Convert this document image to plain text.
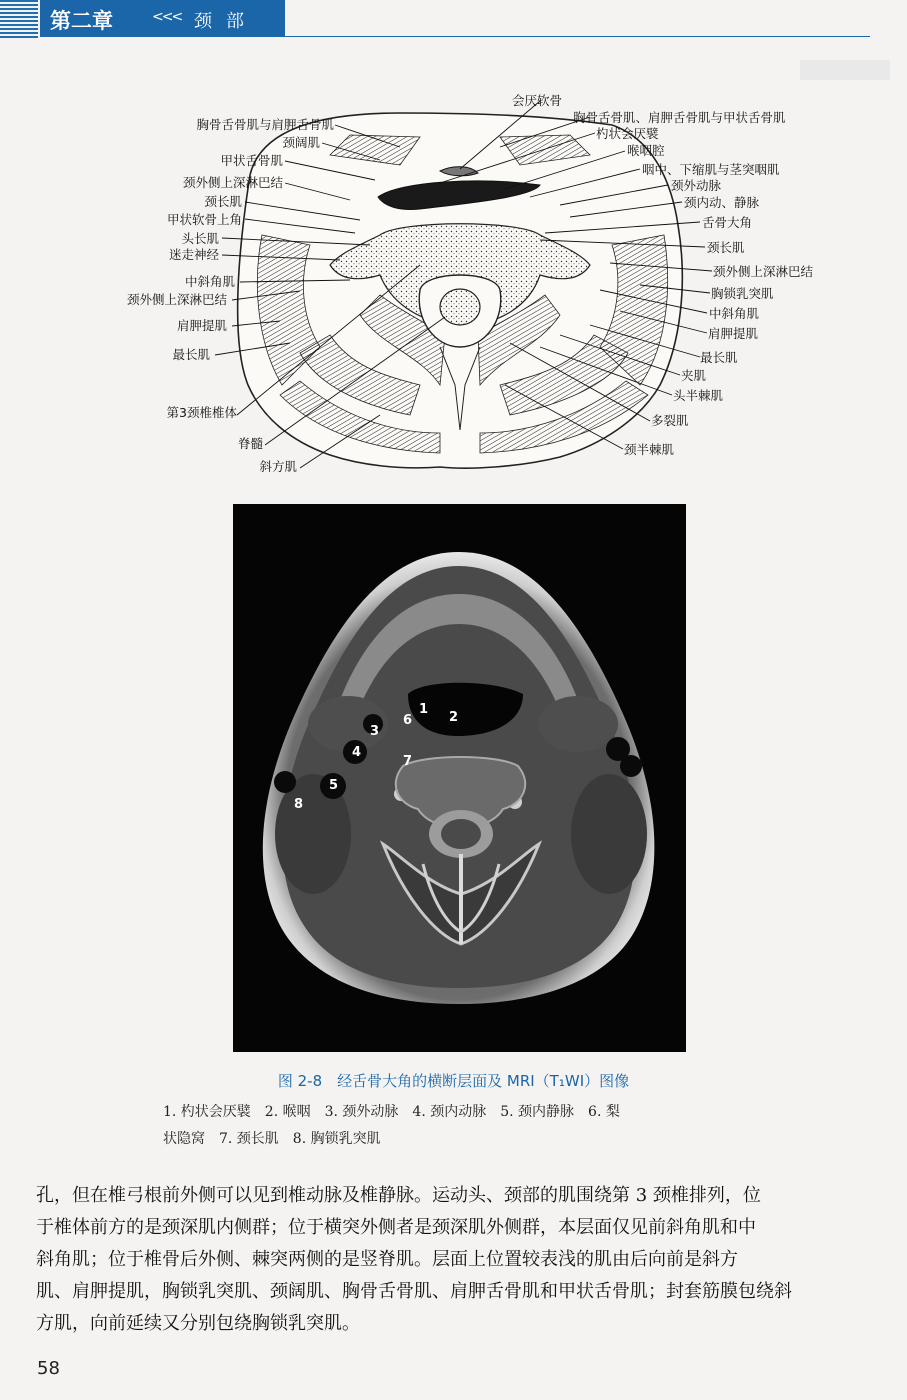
第二章	<<< 颈部
胸骨舌骨肌与肩胛舌骨肌
颈阔肌
甲状舌骨肌
颈外侧上深淋巴结
颈长肌
甲状软骨上角
头长肌
迷走神经
中斜角肌
颈外侧上深淋巴结
肩胛提肌
最长肌
第3颈椎椎体
脊髓
斜方肌
会厌软骨
胸骨舌骨肌、肩胛舌骨肌与甲状舌骨肌
杓状会厌襞
喉咽腔
咽中、下缩肌与茎突咽肌
颈外动脉
颈内动、静脉
舌骨大角
颈长肌
颈外侧上深淋巴结
胸锁乳突肌
中斜角肌
肩胛提肌
最长肌
夹肌
头半棘肌
多裂肌
颈半棘肌
1
2
3
4
5
6
7
8
图 2-8　经舌骨大角的横断层面及 MRI（T₁WI）图像
1. 杓状会厌襞　2. 喉咽　3. 颈外动脉　4. 颈内动脉　5. 颈内静脉　6. 梨
状隐窝　7. 颈长肌　8. 胸锁乳突肌
孔，但在椎弓根前外侧可以见到椎动脉及椎静脉。运动头、颈部的肌围绕第 3 颈椎排列，位
于椎体前方的是颈深肌内侧群；位于横突外侧者是颈深肌外侧群，本层面仅见前斜角肌和中
斜角肌；位于椎骨后外侧、棘突两侧的是竖脊肌。层面上位置较表浅的肌由后向前是斜方
肌、肩胛提肌，胸锁乳突肌、颈阔肌、胸骨舌骨肌、肩胛舌骨肌和甲状舌骨肌；封套筋膜包绕斜
方肌，向前延续又分别包绕胸锁乳突肌。
58
